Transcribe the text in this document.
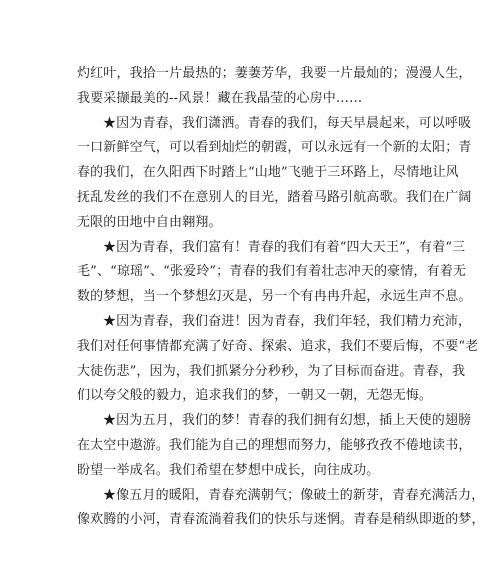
灼红叶，我拾一片最热的；萋萋芳华，我要一片最灿的；漫漫人生，
我要采撷最美的--风景！藏在我晶莹的心房中……

★因为青春，我们潇洒。青春的我们，每天早晨起来，可以呼吸
一口新鲜空气，可以看到灿烂的朝霞，可以永远有一个新的太阳；青
春的我们，在久阳西下时踏上“山地”飞驰于三环路上，尽情地让风
抚乱发丝的我们不在意别人的目光，踏着马路引航高歌。我们在广阔
无限的田地中自由翱翔。

★因为青春，我们富有！青春的我们有着“四大天王”，有着“三
毛”、“琼瑶”、“张爱玲”；青春的我们有着壮志冲天的豪情，有着无
数的梦想，当一个梦想幻灭是，另一个有冉冉升起，永远生声不息。

★因为青春，我们奋进！因为青春，我们年轻，我们精力充沛，
我们对任何事情都充满了好奇、探索、追求，我们不要后悔，不要“老
大徒伤悲”，因为，我们抓紧分分秒秒，为了目标而奋进。青春，我
们以夸父般的毅力，追求我们的梦，一朝又一朝，无怨无悔。

★因为五月，我们的梦！青春的我们拥有幻想，插上天使的翅膀
在太空中遨游。我们能为自己的理想而努力，能够孜孜不倦地读书，
盼望一举成名。我们希望在梦想中成长，向往成功。

★像五月的暖阳，青春充满朝气；像破土的新芽，青春充满活力，
像欢腾的小河，青春流淌着我们的快乐与迷惘。青春是稍纵即逝的梦，
